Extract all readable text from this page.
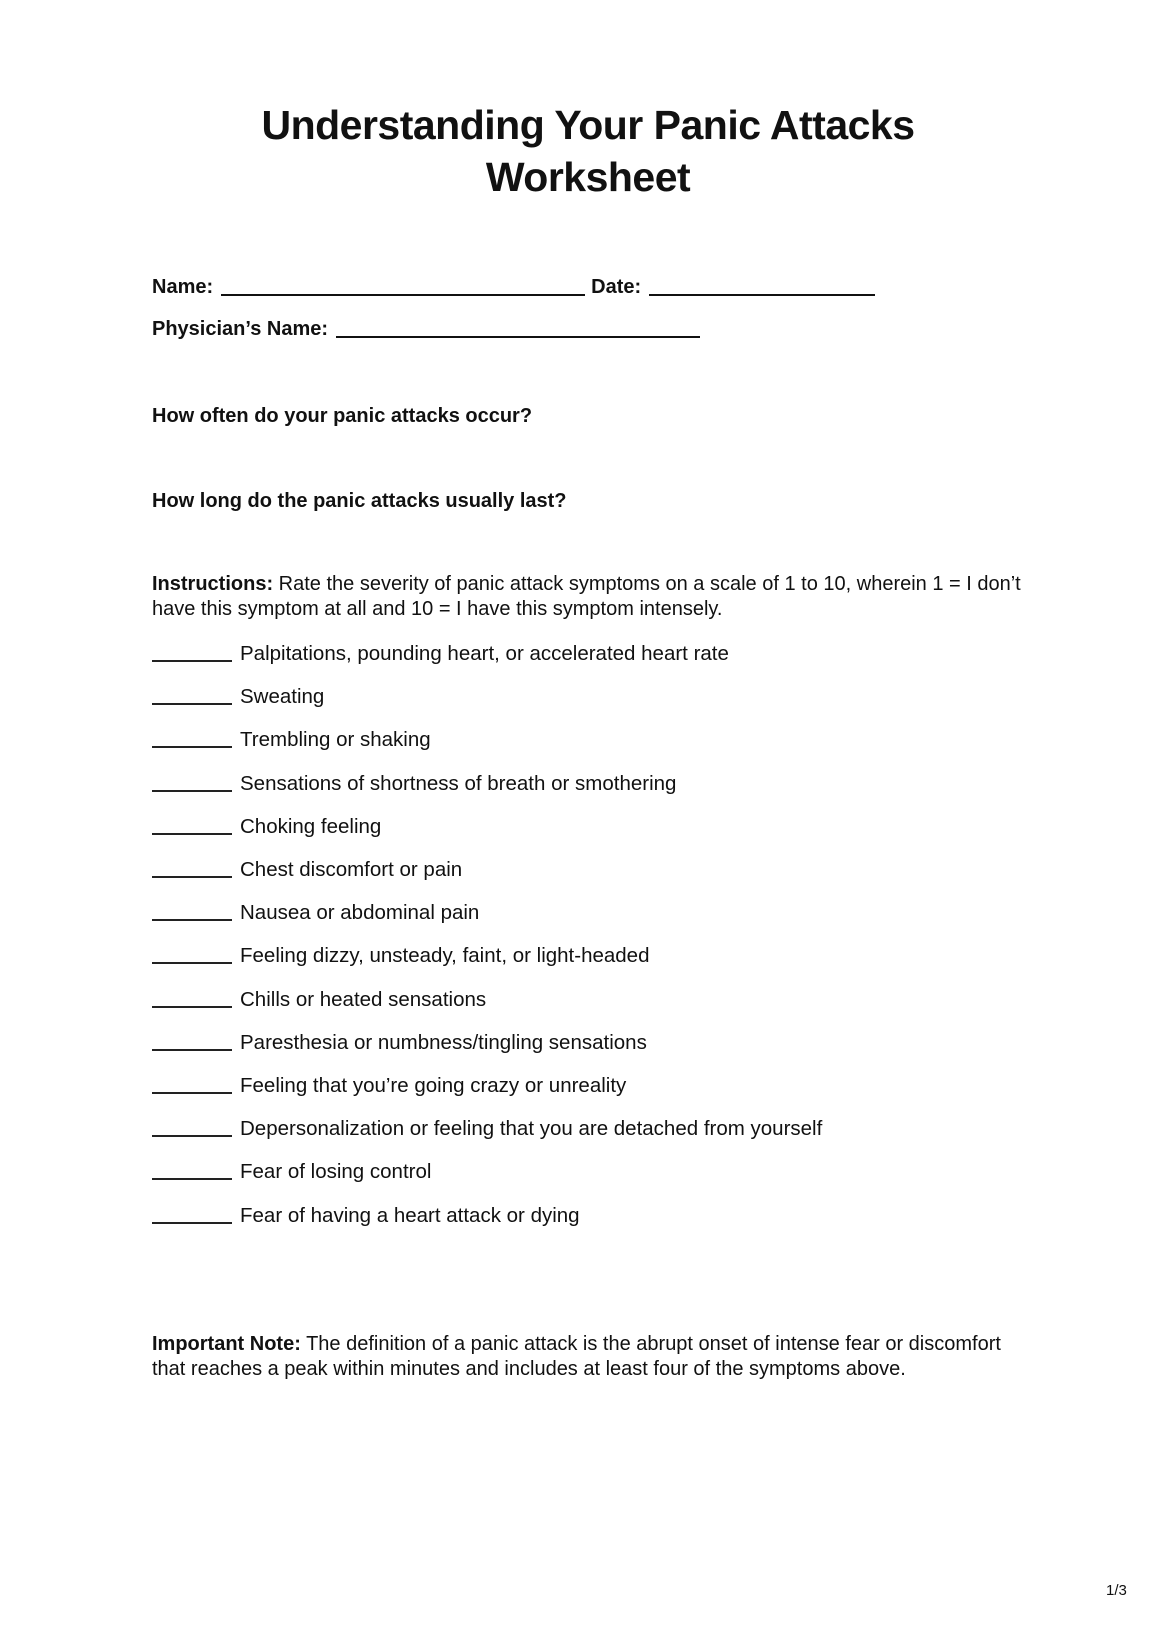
Understanding Your Panic Attacks
Worksheet
Name:	Date:
Physician’s Name:
How often do your panic attacks occur?
How long do the panic attacks usually last?
Instructions: Rate the severity of panic attack symptoms on a scale of 1 to 10, wherein 1 = I don’t have this symptom at all and 10 = I have this symptom intensely.
Palpitations, pounding heart, or accelerated heart rate
Sweating
Trembling or shaking
Sensations of shortness of breath or smothering
Choking feeling
Chest discomfort or pain
Nausea or abdominal pain
Feeling dizzy, unsteady, faint, or light-headed
Chills or heated sensations
Paresthesia or numbness/tingling sensations
Feeling that you’re going crazy or unreality
Depersonalization or feeling that you are detached from yourself
Fear of losing control
Fear of having a heart attack or dying
Important Note: The definition of a panic attack is the abrupt onset of intense fear or discomfort that reaches a peak within minutes and includes at least four of the symptoms above.
1/3
